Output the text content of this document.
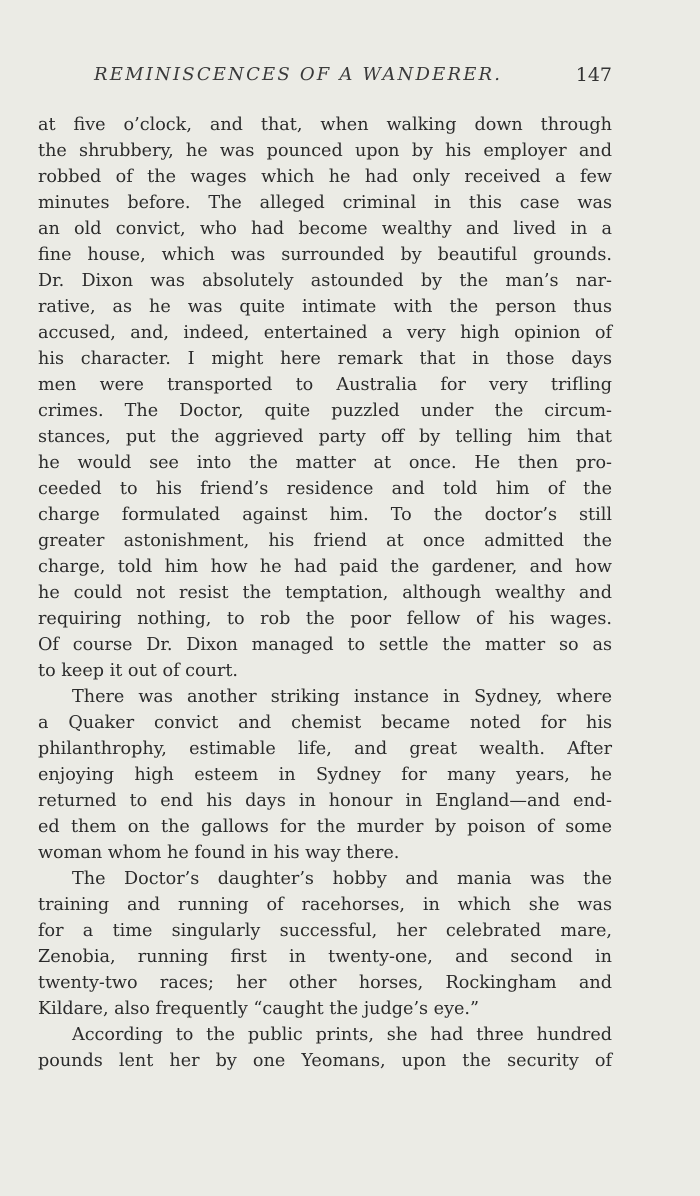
REMINISCENCES OF A WANDERER.	147
at five o’clock, and that, when walking down through
the shrubbery, he was pounced upon by his employer and
robbed of the wages which he had only received a few
minutes before. The alleged criminal in this case was
an old convict, who had become wealthy and lived in a
fine house, which was surrounded by beautiful grounds.
Dr. Dixon was absolutely astounded by the man’s nar-
rative, as he was quite intimate with the person thus
accused, and, indeed, entertained a very high opinion of
his character. I might here remark that in those days
men were transported to Australia for very trifling
crimes. The Doctor, quite puzzled under the circum-
stances, put the aggrieved party off by telling him that
he would see into the matter at once. He then pro-
ceeded to his friend’s residence and told him of the
charge formulated against him. To the doctor’s still
greater astonishment, his friend at once admitted the
charge, told him how he had paid the gardener, and how
he could not resist the temptation, although wealthy and
requiring nothing, to rob the poor fellow of his wages.
Of course Dr. Dixon managed to settle the matter so as
to keep it out of court.
There was another striking instance in Sydney, where
a Quaker convict and chemist became noted for his
philanthrophy, estimable life, and great wealth. After
enjoying high esteem in Sydney for many years, he
returned to end his days in honour in England—and end-
ed them on the gallows for the murder by poison of some
woman whom he found in his way there.
The Doctor’s daughter’s hobby and mania was the
training and running of racehorses, in which she was
for a time singularly successful, her celebrated mare,
Zenobia, running first in twenty-one, and second in
twenty-two races; her other horses, Rockingham and
Kildare, also frequently “caught the judge’s eye.”
According to the public prints, she had three hundred
pounds lent her by one Yeomans, upon the security of
